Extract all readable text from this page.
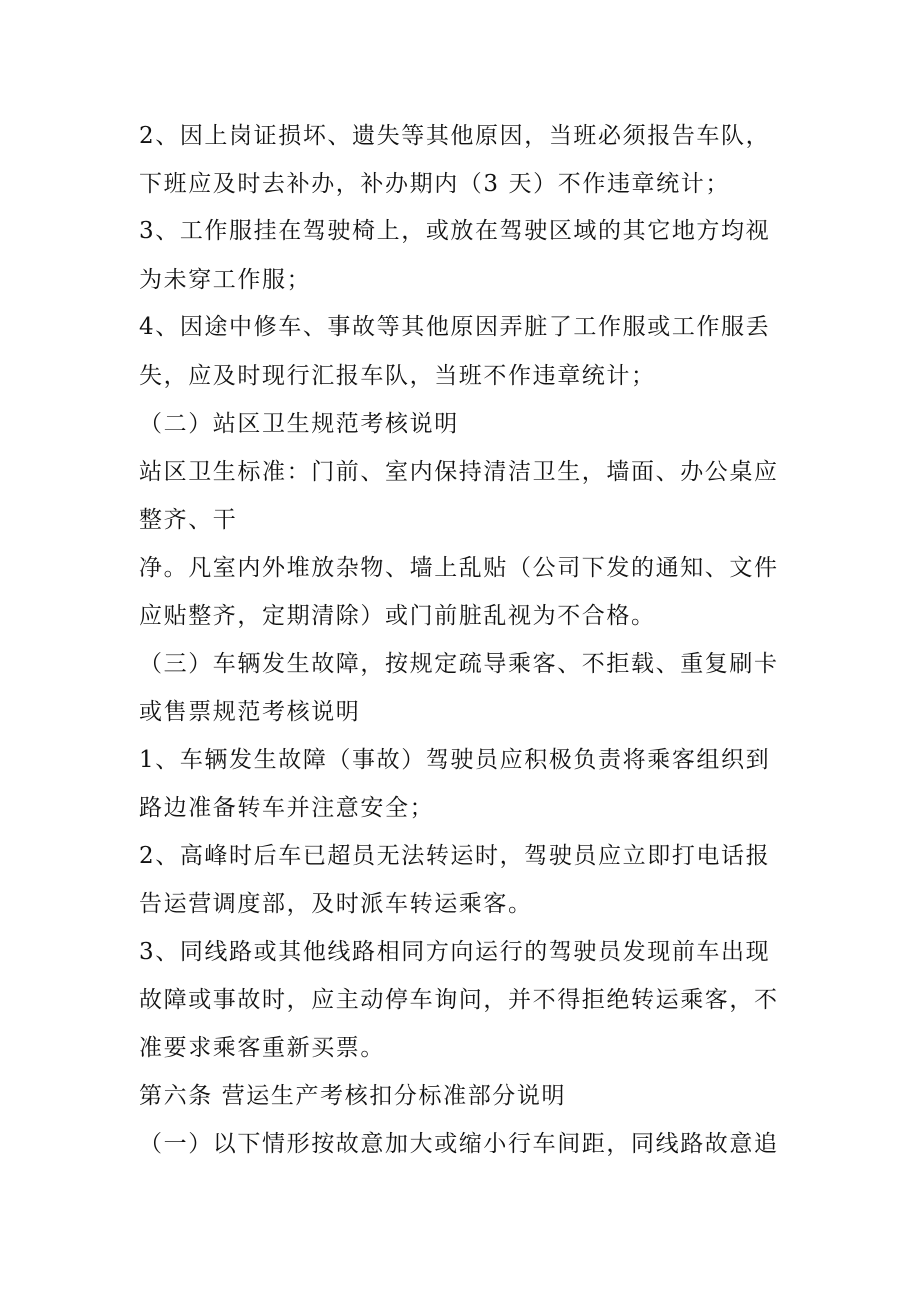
2、因上岗证损坏、遗失等其他原因，当班必须报告车队，
下班应及时去补办，补办期内（3 天）不作违章统计；
3、工作服挂在驾驶椅上，或放在驾驶区域的其它地方均视
为未穿工作服；
4、因途中修车、事故等其他原因弄脏了工作服或工作服丢
失，应及时现行汇报车队，当班不作违章统计；
（二）站区卫生规范考核说明
站区卫生标准：门前、室内保持清洁卫生，墙面、办公桌应
整齐、干
净。凡室内外堆放杂物、墙上乱贴（公司下发的通知、文件
应贴整齐，定期清除）或门前脏乱视为不合格。
（三）车辆发生故障，按规定疏导乘客、不拒载、重复刷卡
或售票规范考核说明
1、车辆发生故障（事故）驾驶员应积极负责将乘客组织到
路边准备转车并注意安全；
2、高峰时后车已超员无法转运时，驾驶员应立即打电话报
告运营调度部，及时派车转运乘客。
3、同线路或其他线路相同方向运行的驾驶员发现前车出现
故障或事故时，应主动停车询问，并不得拒绝转运乘客，不
准要求乘客重新买票。
第六条 营运生产考核扣分标准部分说明
（一）以下情形按故意加大或缩小行车间距，同线路故意追
